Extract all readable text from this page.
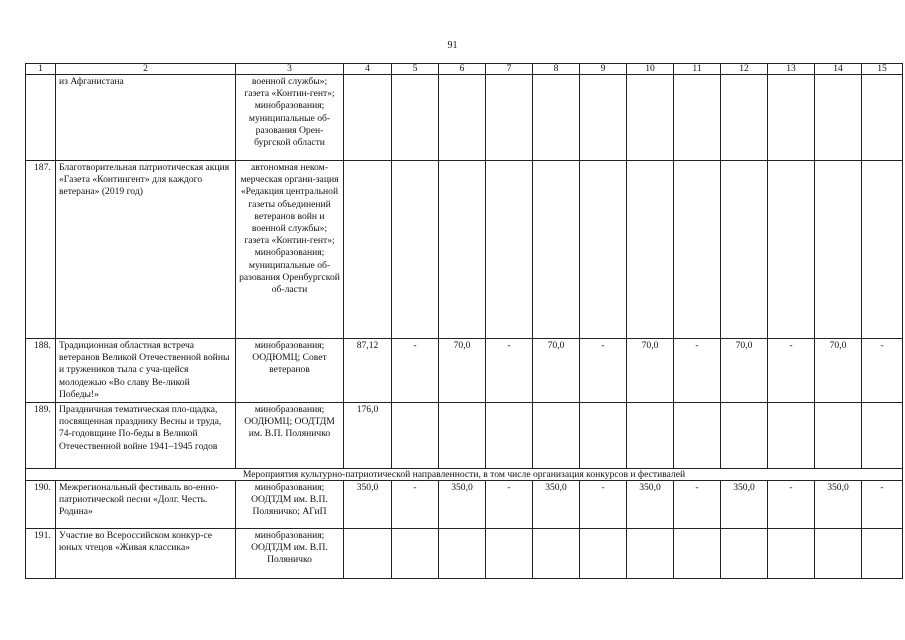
91
1	2	3	4	5	6	7	8	9	10	11	12	13	14	15
	из Афганистана	военной службы»; газета «Контин-гент»; минобразования; муниципальные об-разования Орен-бургской области												
187.	Благотворительная патриотическая акция «Газета «Контингент» для каждого ветерана» (2019 год)	автономная неком-мерческая органи-зация «Редакция центральной газеты объединений ветеранов войн и военной службы»; газета «Контин-гент»; минобразования; муниципальные об-разования Оренбургской об-ласти												
188.	Традиционная областная встреча ветеранов Великой Отечественной войны и тружеников тыла с уча-щейся молодежью «Во славу Ве-ликой Победы!»	минобразования; ООДЮМЦ; Совет ветеранов	87,12	-	70,0	-	70,0	-	70,0	-	70,0	-	70,0	-
189.	Праздничная тематическая пло-щадка, посвященная празднику Весны и труда, 74-годовщине По-беды в Великой Отечественной войне 1941–1945 годов	минобразования; ООДЮМЦ; ООДТДМ им. В.П. Поляничко	176,0											
Мероприятия культурно-патриотической направленности, в том числе организация конкурсов и фестивалей														
190.	Межрегиональный фестиваль во-енно-патриотической песни «Долг. Честь. Родина»	минобразования; ООДТДМ им. В.П. Поляничко; АГиП	350,0	-	350,0	-	350,0	-	350,0	-	350,0	-	350,0	-
191.	Участие во Всероссийском конкур-се юных чтецов «Живая классика»	минобразования; ООДТДМ им. В.П. Поляничко												
